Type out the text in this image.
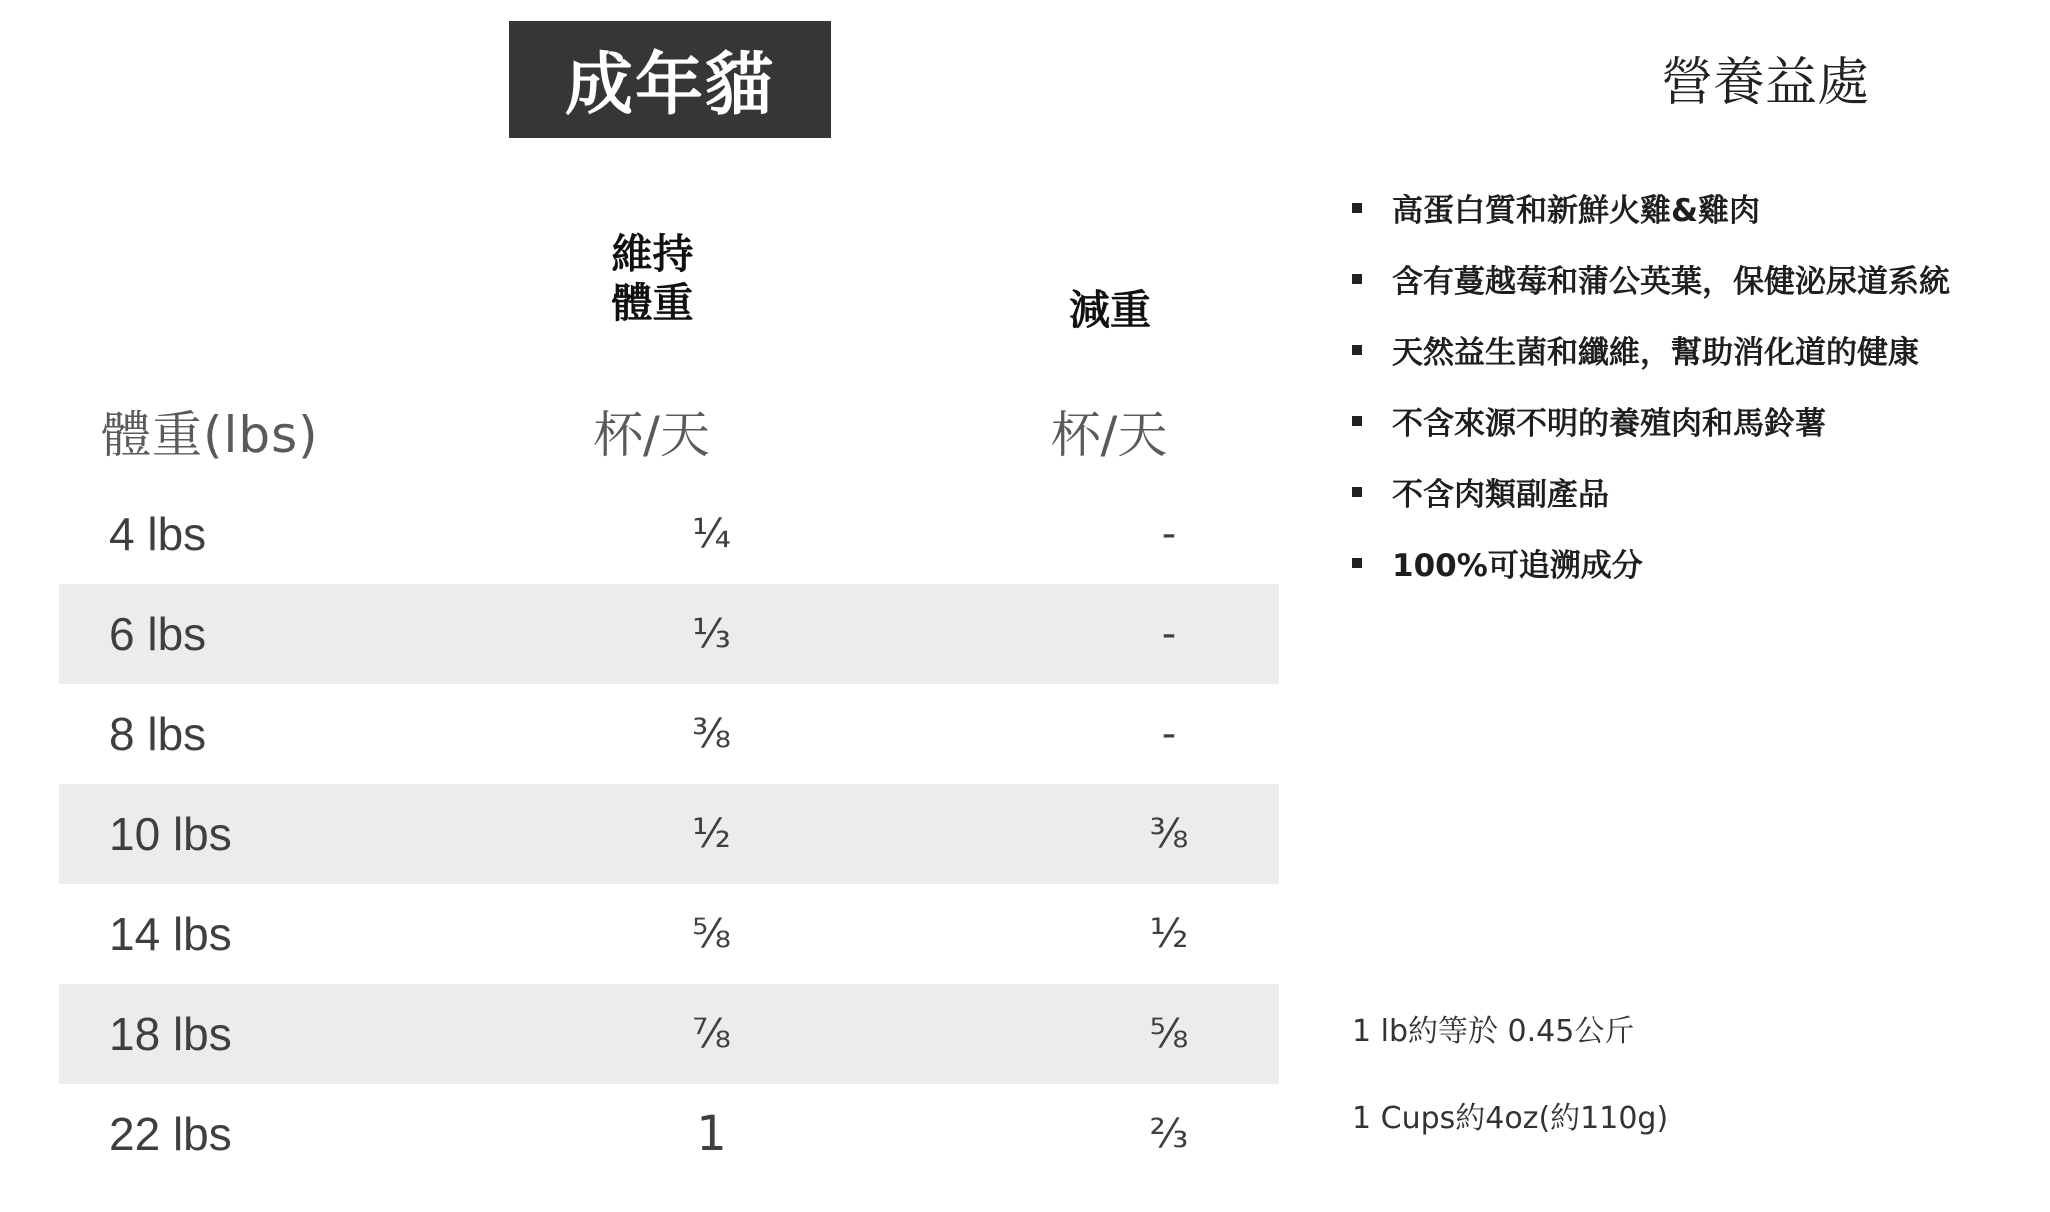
成年貓
維持
體重	減重
體重(lbs)	杯/天	杯/天
4 lbs	¼	-
6 lbs	⅓	-
8 lbs	⅜	-
10 lbs	½	⅜
14 lbs	⅝	½
18 lbs	⅞	⅝
22 lbs	1	⅔
營養益處
高蛋白質和新鮮火雞&雞肉
含有蔓越莓和蒲公英葉，保健泌尿道系統
天然益生菌和纖維，幫助消化道的健康
不含來源不明的養殖肉和馬鈴薯
不含肉類副產品
100%可追溯成分
1 lb約等於 0.45公斤
1 Cups約4oz(約110g)
